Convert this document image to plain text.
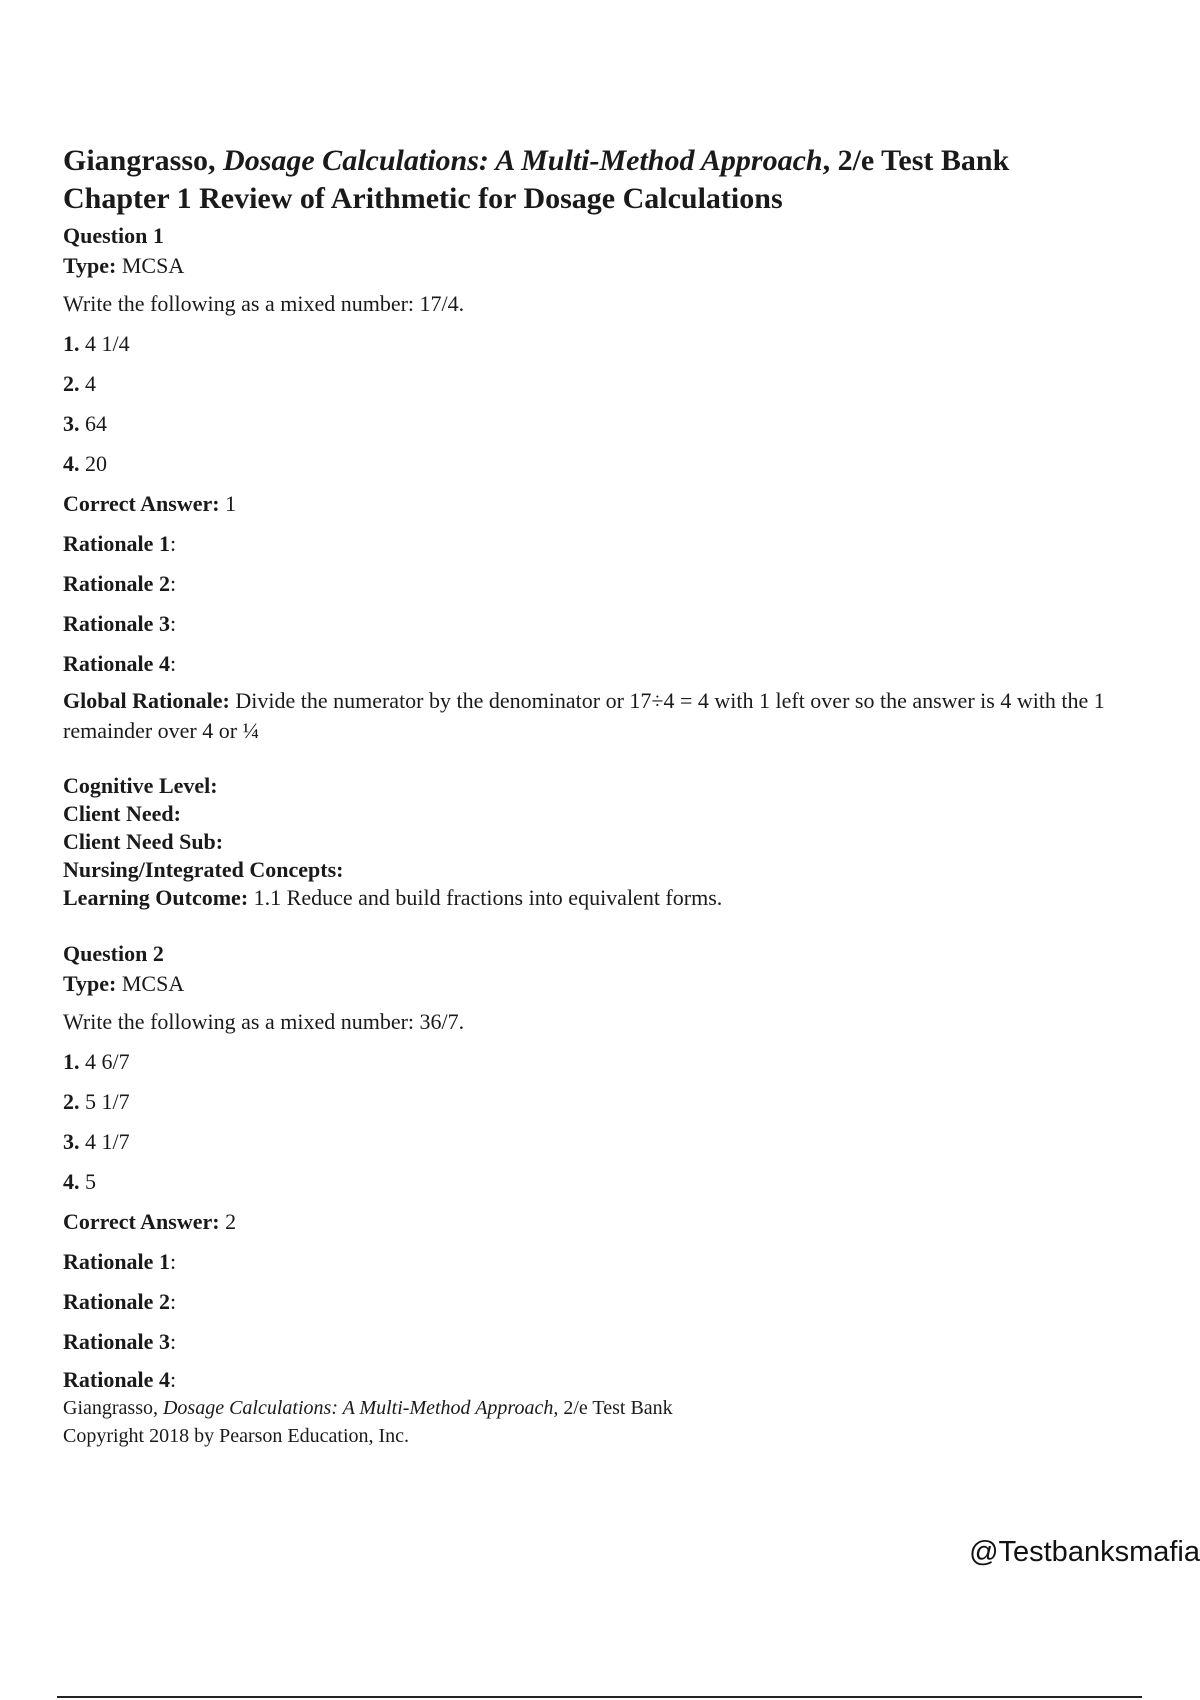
Giangrasso, Dosage Calculations: A Multi-Method Approach, 2/e Test Bank
Chapter 1 Review of Arithmetic for Dosage Calculations

Question 1

Type: MCSA

Write the following as a mixed number: 17/4.

1. 4 1/4

2. 4

3. 64

4. 20

Correct Answer: 1

Rationale 1:

Rationale 2:

Rationale 3:

Rationale 4:

Global Rationale: Divide the numerator by the denominator or 17÷4 = 4 with 1 left over so the answer is 4 with the 1 remainder over 4 or ¼

Cognitive Level:

Client Need:

Client Need Sub:

Nursing/Integrated Concepts:

Learning Outcome: 1.1 Reduce and build fractions into equivalent forms.

Question 2

Type: MCSA

Write the following as a mixed number: 36/7.

1. 4 6/7

2. 5 1/7

3. 4 1/7

4. 5

Correct Answer: 2

Rationale 1:

Rationale 2:

Rationale 3:

Rationale 4:

Giangrasso, Dosage Calculations: A Multi-Method Approach, 2/e Test Bank
Copyright 2018 by Pearson Education, Inc.
@Testbanksmafia
